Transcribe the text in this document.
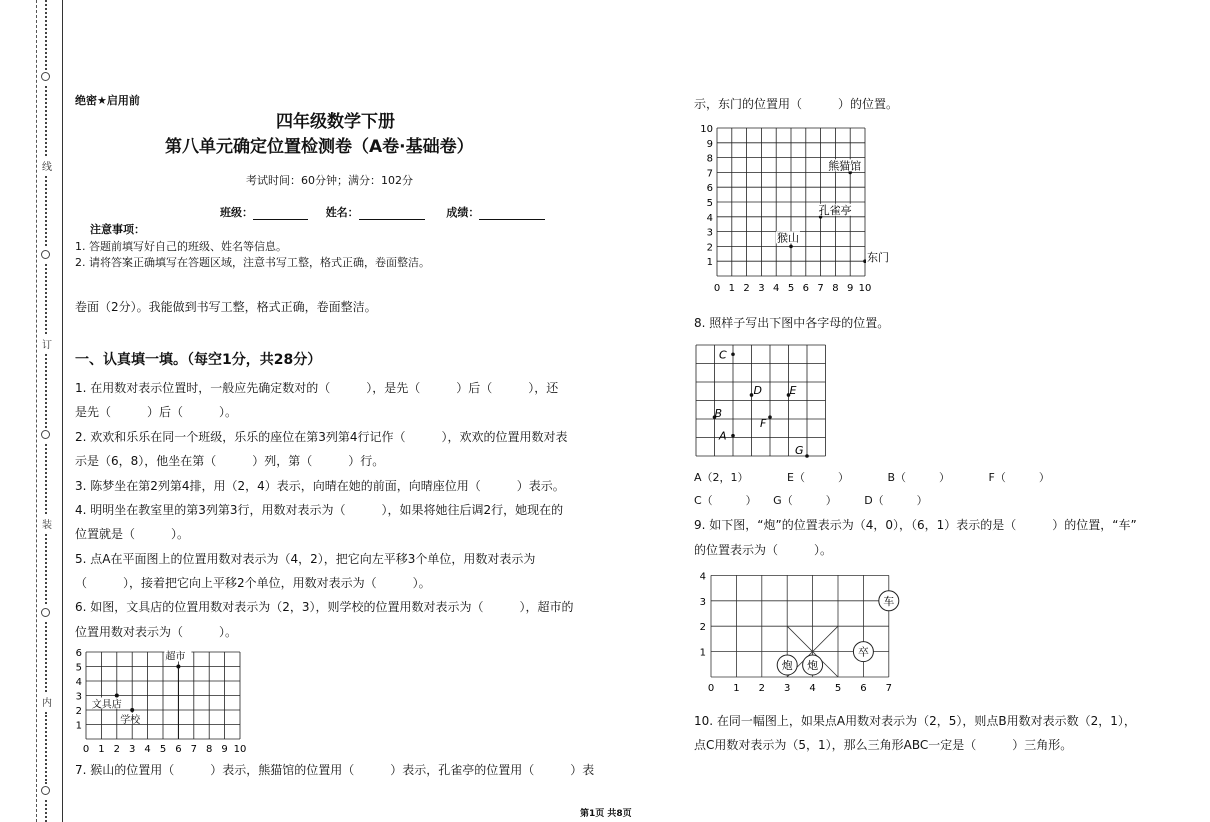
线
订
装
内
绝密★启用前
四年级数学下册
第八单元确定位置检测卷（A卷·基础卷）
考试时间：60分钟；满分：102分
班级：	姓名：	成绩：
注意事项：
1. 答题前填写好自己的班级、姓名等信息。
2. 请将答案正确填写在答题区域，注意书写工整，格式正确，卷面整洁。
卷面（2分）。我能做到书写工整，格式正确，卷面整洁。
一、认真填一填。（每空1分，共28分）
1. 在用数对表示位置时，一般应先确定数对的（　　　），是先（　　　）后（　　　），还
是先（　　　）后（　　　）。
2. 欢欢和乐乐在同一个班级，乐乐的座位在第3列第4行记作（　　　），欢欢的位置用数对表
示是（6，8），他坐在第（　　　）列，第（　　　）行。
3. 陈梦坐在第2列第4排，用（2，4）表示，向晴在她的前面，向晴座位用（　　　）表示。
4. 明明坐在教室里的第3列第3行，用数对表示为（　　　），如果将她往后调2行，她现在的
位置就是（　　　）。
5. 点A在平面图上的位置用数对表示为（4，2），把它向左平移3个单位，用数对表示为
（　　　），接着把它向上平移2个单位，用数对表示为（　　　）。
6. 如图，文具店的位置用数对表示为（2，3），则学校的位置用数对表示为（　　　），超市的
位置用数对表示为（　　　）。
0 1 2 3 4 5 6 7 8 9 10
1
2
3
4
5
6
文具店
学校
超市
7. 猴山的位置用（　　　）表示，熊猫馆的位置用（　　　）表示，孔雀亭的位置用（　　　）表
第1页 共8页
示，东门的位置用（　　　）的位置。
0 1 2 3 4 5 6 7 8 9 10
1
2
3
4
5
6
7
8
9
10
熊猫馆
孔雀亭
猴山
东门
8. 照样子写出下图中各字母的位置。
C
D	E
B
F
A
G
A（2，1）　　　　E（　　　）　　　　B（　　　）　　　　F（　　　）
C（　　　）　　G（　　　）　　　D（　　　）
9. 如下图，“炮”的位置表示为（4，0），（6，1）表示的是（　　　）的位置，“车”
的位置表示为（　　　）。
0 1 2 3 4 5 6 7
1
2
3
4
车
卒
炮 炮
10. 在同一幅图上，如果点A用数对表示为（2，5），则点B用数对表示数（2，1），
点C用数对表示为（5，1），那么三角形ABC一定是（　　　）三角形。
